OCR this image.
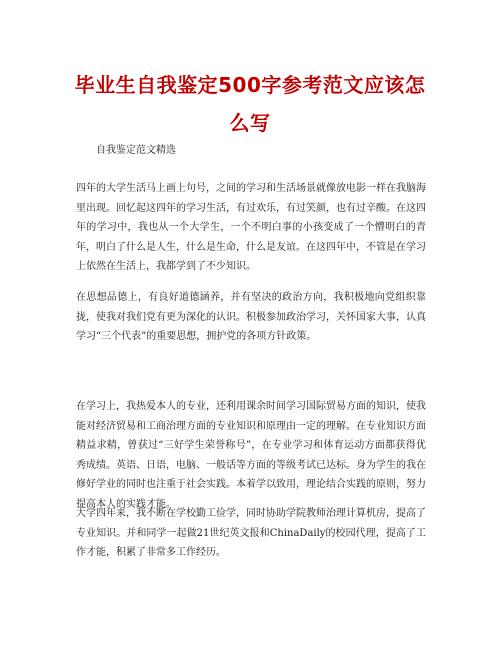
毕业生自我鉴定500字参考范文应该怎么写
自我鉴定范文精选

四年的大学生活马上画上句号，之间的学习和生活场景就像放电影一样在我脑海里出现。回忆起这四年的学习生活，有过欢乐，有过笑颜，也有过辛酸。在这四年的学习中，我也从一个大学生，一个不明白事的小孩变成了一个懵明白的青年，明白了什么是人生，什么是生命，什么是友谊。在这四年中，不管是在学习上依然在生活上，我都学到了不少知识。

在思想品德上，有良好道德涵养，并有坚决的政治方向，我积极地向党组织靠拢，使我对我们党有更为深化的认识。积极参加政治学习，关怀国家大事，认真学习“三个代表”的重要思想，拥护党的各项方针政策。

在学习上，我热爱本人的专业，还利用课余时间学习国际贸易方面的知识，使我能对经济贸易和工商治理方面的专业知识和原理由一定的理解。在专业知识方面精益求精，曾获过“三好学生荣誉称号”，在专业学习和体育运动方面都获得优秀成绩。英语、日语，电脑、一般话等方面的等级考试已达标。身为学生的我在修好学业的同时也注重于社会实践。本着学以致用，理论结合实践的原则，努力提高本人的实践才能。

大学四年来，我不断在学校勤工俭学，同时协助学院教师治理计算机房，提高了专业知识。并和同学一起做21世纪英文报和ChinaDaily的校园代理，提高了工作才能，积累了非常多工作经历。
